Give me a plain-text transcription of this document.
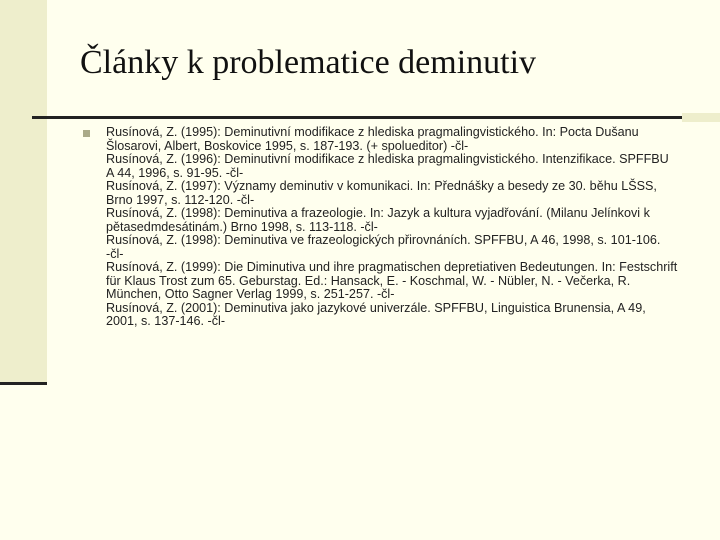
Články k problematice deminutiv

Rusínová, Z. (1995): Deminutivní modifikace z hlediska pragmalingvistického. In: Pocta Dušanu Šlosarovi, Albert, Boskovice 1995, s. 187-193. (+ spolueditor) -čl-

Rusínová, Z. (1996): Deminutivní modifikace z hlediska pragmalingvistického. Intenzifikace. SPFFBU A 44, 1996, s. 91-95. -čl-

Rusínová, Z. (1997): Významy deminutiv v komunikaci. In: Přednášky a besedy ze 30. běhu LŠSS, Brno 1997, s. 112-120. -čl-

Rusínová, Z. (1998): Deminutiva a frazeologie. In: Jazyk a kultura vyjadřování. (Milanu Jelínkovi k pětasedmdesátinám.) Brno 1998, s. 113-118. -čl-

Rusínová, Z. (1998): Deminutiva ve frazeologických přirovnáních. SPFFBU, A 46, 1998, s. 101-106. -čl-

Rusínová, Z. (1999): Die Diminutiva und ihre pragmatischen depretiativen Bedeutungen. In: Festschrift für Klaus Trost zum 65. Geburstag. Ed.: Hansack, E. - Koschmal, W. - Nübler, N. - Večerka, R. München, Otto Sagner Verlag 1999, s. 251-257. -čl-

Rusínová, Z. (2001): Deminutiva jako jazykové univerzále. SPFFBU, Linguistica Brunensia, A 49, 2001, s. 137-146. -čl-
